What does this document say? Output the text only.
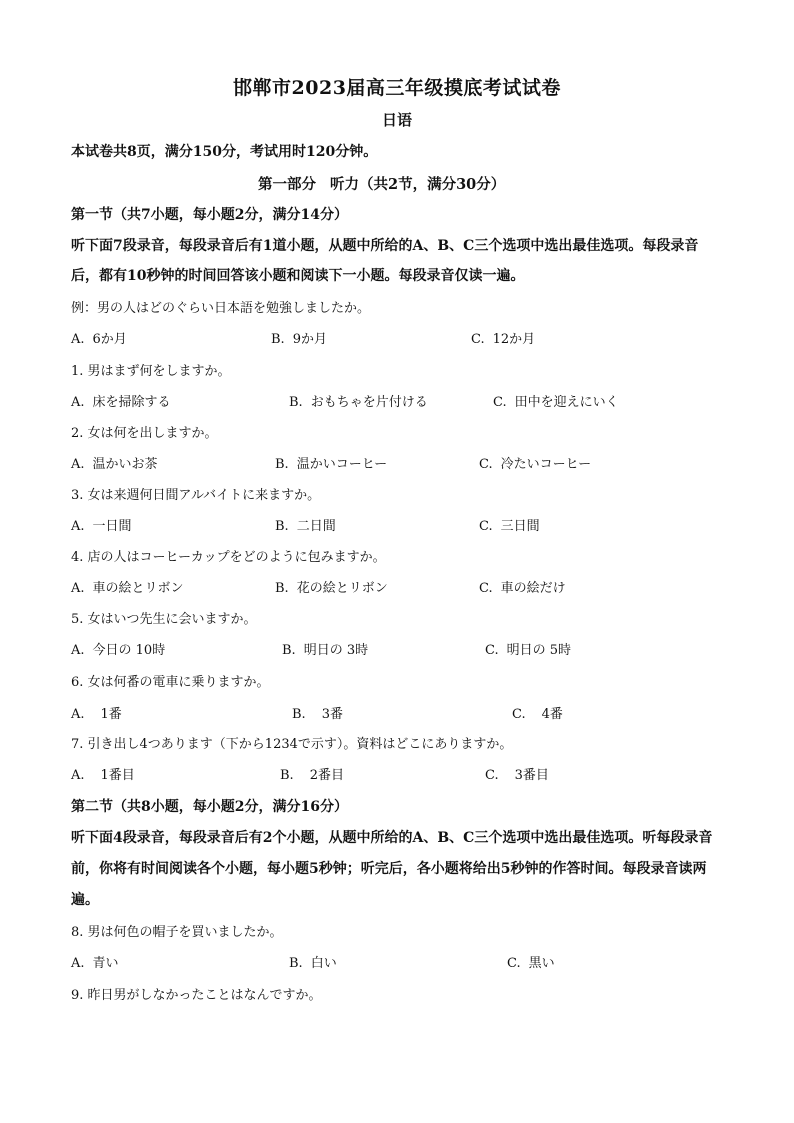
邯郸市2023届高三年级摸底考试试卷
日语
本试卷共8页，满分150分，考试用时120分钟。
第一部分 听力（共2节，满分30分）
第一节（共7小题，每小题2分，满分14分）
听下面7段录音，每段录音后有1道小题，从题中所给的A、B、C三个选项中选出最佳选项。每段录音
后，都有10秒钟的时间回答该小题和阅读下一小题。每段录音仅读一遍。
例：男の人はどのぐらい日本語を勉強しましたか。
A. 6か月	B. 9か月	C. 12か月
1. 男はまず何をしますか。
A. 床を掃除する	B. おもちゃを片付ける	C. 田中を迎えにいく
2. 女は何を出しますか。
A. 温かいお茶	B. 温かいコーヒー	C. 冷たいコーヒー
3. 女は来週何日間アルバイトに来ますか。
A. 一日間	B. 二日間	C. 三日間
4. 店の人はコーヒーカップをどのように包みますか。
A. 車の絵とリボン	B. 花の絵とリボン	C. 車の絵だけ
5. 女はいつ先生に会いますか。
A. 今日の 10時	B. 明日の 3時	C. 明日の 5時
6. 女は何番の電車に乗りますか。
A. 1番	B. 3番	C. 4番
7. 引き出し4つあります（下から1234で示す）。資料はどこにありますか。
A. 1番目	B. 2番目	C. 3番目
第二节（共8小题，每小题2分，满分16分）
听下面4段录音，每段录音后有2个小题，从题中所给的A、B、C三个选项中选出最佳选项。听每段录音
前，你将有时间阅读各个小题，每小题5秒钟；听完后，各小题将给出5秒钟的作答时间。每段录音读两
遍。
8. 男は何色の帽子を買いましたか。
A. 青い	B. 白い	C. 黒い
9. 昨日男がしなかったことはなんですか。
